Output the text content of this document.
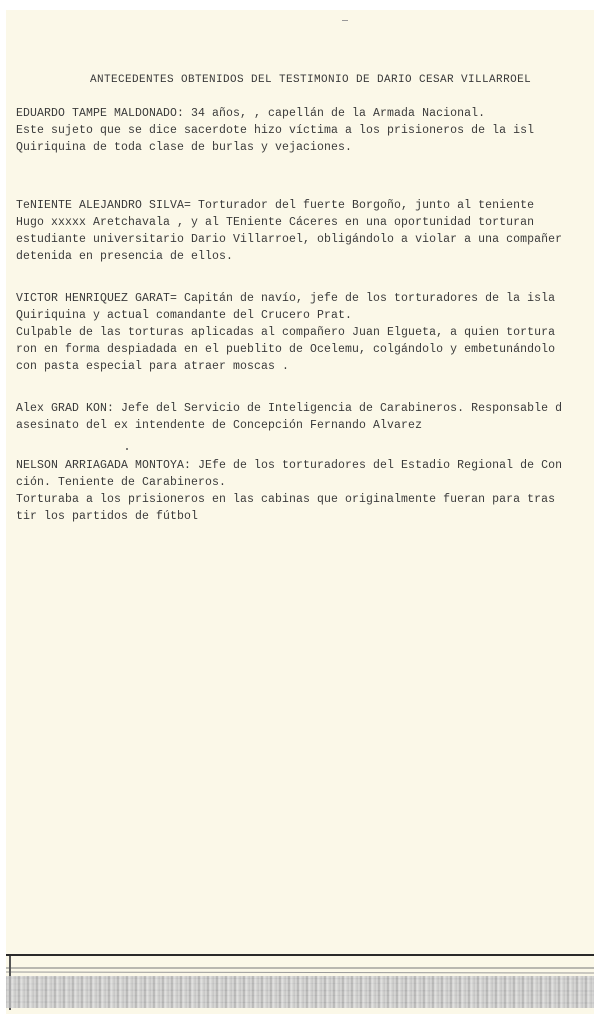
ANTECEDENTES OBTENIDOS DEL TESTIMONIO DE DARIO CESAR VILLARROEL
EDUARDO TAMPE MALDONADO: 34 años, , capellán de la Armada Nacional.
Este sujeto que se dice sacerdote hizo víctima a los prisioneros de la isl
Quiriquina de toda clase de burlas y vejaciones.
TeNIENTE ALEJANDRO SILVA= Torturador del fuerte Borgoño, junto al teniente
Hugo xxxxx Aretchavala , y al TEniente Cáceres en una oportunidad torturan
estudiante universitario Dario Villarroel, obligándolo a violar a una compañer
detenida en presencia de ellos.
VICTOR HENRIQUEZ GARAT= Capitán de navío, jefe de los torturadores de la isla
Quiriquina y actual comandante del Crucero Prat.
Culpable de las torturas aplicadas al compañero Juan Elgueta, a quien tortura
ron en forma despiadada en el pueblito de Ocelemu, colgándolo y embetunándolo
con pasta especial para atraer moscas .
Alex GRAD KON: Jefe del Servicio de Inteligencia de Carabineros. Responsable d
asesinato del ex intendente de Concepción Fernando Alvarez
NELSON ARRIAGADA MONTOYA: JEfe de los torturadores del Estadio Regional de Con
ción. Teniente de Carabineros.
Torturaba a los prisioneros en las cabinas que originalmente fueran para tras
tir los partidos de fútbol
